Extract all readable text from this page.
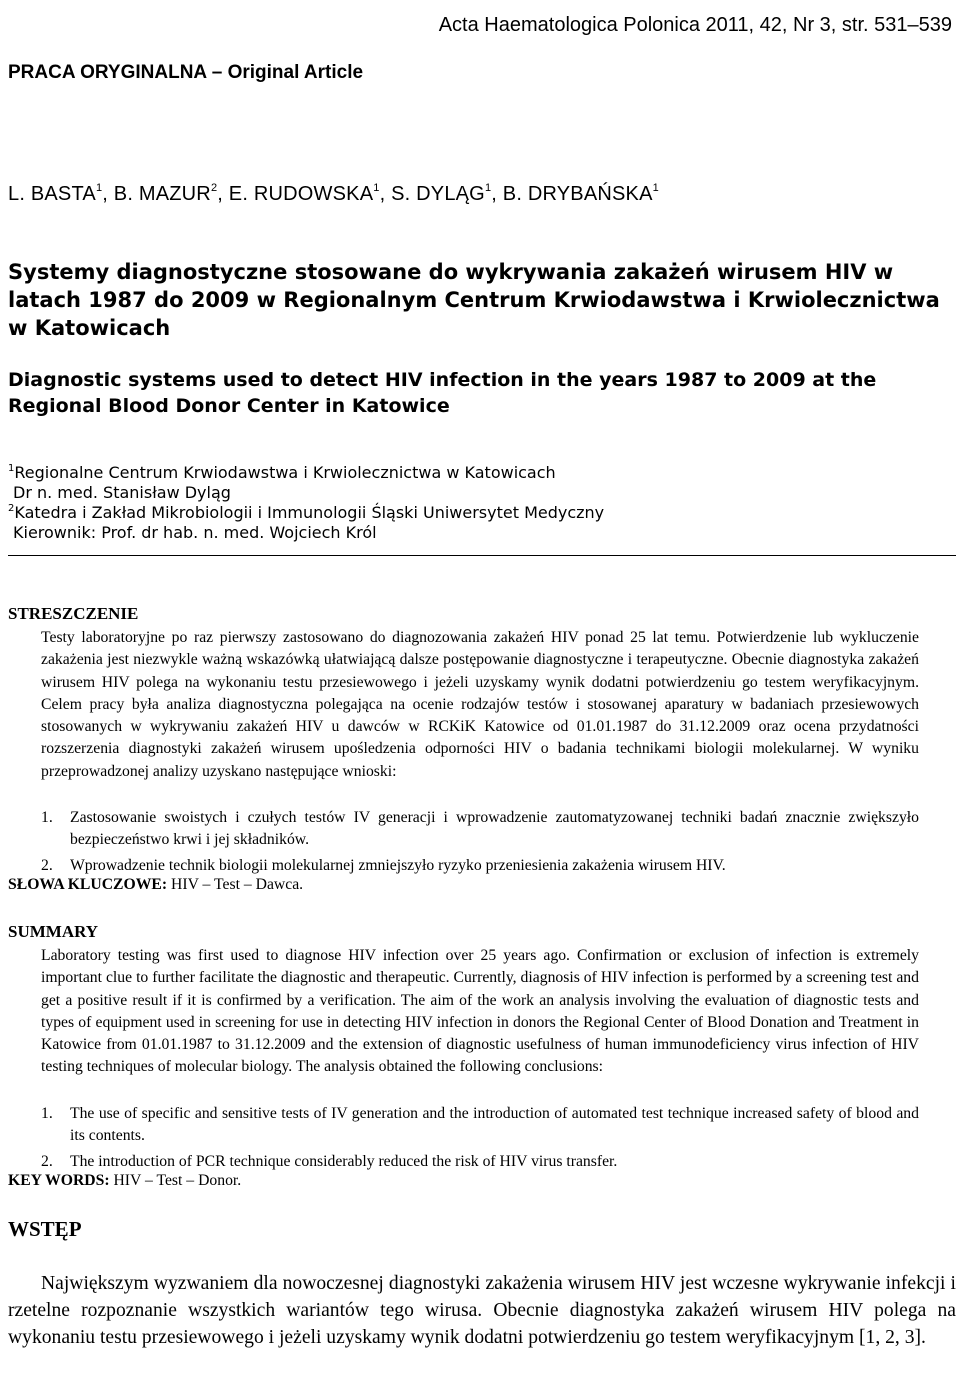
Acta Haematologica Polonica 2011, 42, Nr 3, str. 531–539
PRACA ORYGINALNA – Original Article
L. BASTA$^1$, B. MAZUR$^2$, E. RUDOWSKA$^1$, S. DYLĄG$^1$, B. DRYBAŃSKA$^1$
Systemy diagnostyczne stosowane do wykrywania zakażeń wirusem HIV w latach 1987 do 2009 w Regionalnym Centrum Krwiodawstwa i Krwiolecznictwa w Katowicach
Diagnostic systems used to detect HIV infection in the years 1987 to 2009 at the Regional Blood Donor Center in Katowice
$^1$Regionalne Centrum Krwiodawstwa i Krwiolecznictwa w Katowicach
Dr n. med. Stanisław Dyląg
$^2$Katedra i Zakład Mikrobiologii i Immunologii Śląski Uniwersytet Medyczny
Kierownik: Prof. dr hab. n. med. Wojciech Król
STRESZCZENIE

Testy laboratoryjne po raz pierwszy zastosowano do diagnozowania zakażeń HIV ponad 25 lat temu. Potwierdzenie lub wykluczenie zakażenia jest niezwykle ważną wskazówką ułatwiającą dalsze postępowanie diagnostyczne i terapeutyczne. Obecnie diagnostyka zakażeń wirusem HIV polega na wykonaniu testu przesiewowego i jeżeli uzyskamy wynik dodatni potwierdzeniu go testem weryfikacyjnym. Celem pracy była analiza diagnostyczna polegająca na ocenie rodzajów testów i stosowanej aparatury w badaniach przesiewowych stosowanych w wykrywaniu zakażeń HIV u dawców w RCKiK Katowice od 01.01.1987 do 31.12.2009 oraz ocena przydatności rozszerzenia diagnostyki zakażeń wirusem upośledzenia odporności HIV o badania technikami biologii molekularnej. W wyniku przeprowadzonej analizy uzyskano następujące wnioski:

1. Zastosowanie swoistych i czułych testów IV generacji i wprowadzenie zautomatyzowanej techniki badań znacznie zwiększyło bezpieczeństwo krwi i jej składników.
2. Wprowadzenie technik biologii molekularnej zmniejszyło ryzyko przeniesienia zakażenia wirusem HIV.
SŁOWA KLUCZOWE: HIV – Test – Dawca.
SUMMARY

Laboratory testing was first used to diagnose HIV infection over 25 years ago. Confirmation or exclusion of infection is extremely important clue to further facilitate the diagnostic and therapeutic. Currently, diagnosis of HIV infection is performed by a screening test and get a positive result if it is confirmed by a verification. The aim of the work an analysis involving the evaluation of diagnostic tests and types of equipment used in screening for use in detecting HIV infection in donors the Regional Center of Blood Donation and Treatment in Katowice from 01.01.1987 to 31.12.2009 and the extension of diagnostic usefulness of human immunodeficiency virus infection of HIV testing techniques of molecular biology. The analysis obtained the following conclusions:

1. The use of specific and sensitive tests of IV generation and the introduction of automated test technique increased safety of blood and its contents.
2. The introduction of PCR technique considerably reduced the risk of HIV virus transfer.
KEY WORDS: HIV – Test – Donor.
WSTĘP

Największym wyzwaniem dla nowoczesnej diagnostyki zakażenia wirusem HIV jest wczesne wykrywanie infekcji i rzetelne rozpoznanie wszystkich wariantów tego wirusa. Obecnie diagnostyka zakażeń wirusem HIV polega na wykonaniu testu przesiewowego i jeżeli uzyskamy wynik dodatni potwierdzeniu go testem weryfikacyjnym [1, 2, 3].
